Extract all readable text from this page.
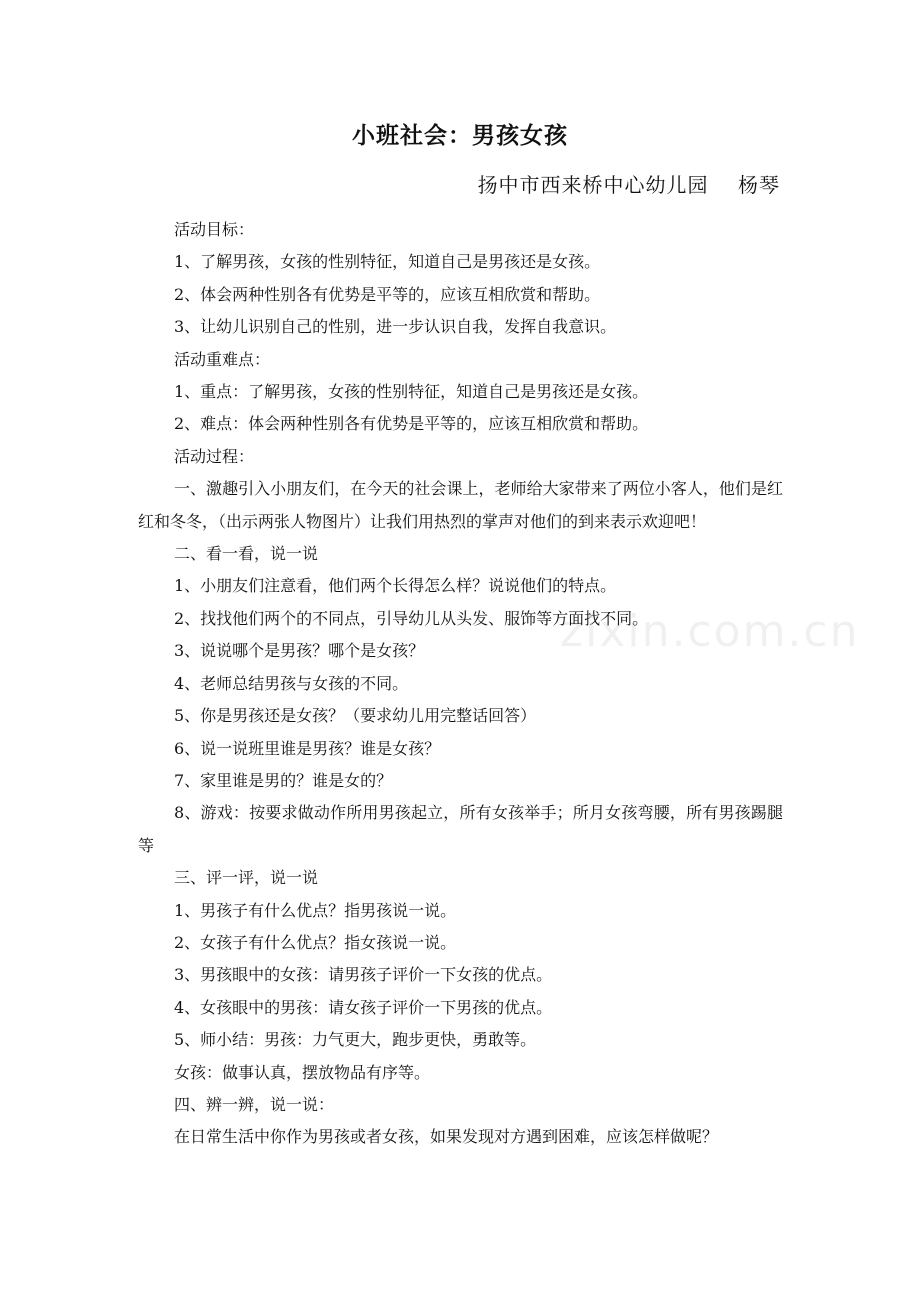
小班社会：男孩女孩
扬中市西来桥中心幼儿园    杨琴
zixin.com.cn

活动目标：

1、了解男孩，女孩的性别特征，知道自己是男孩还是女孩。

2、体会两种性别各有优势是平等的，应该互相欣赏和帮助。

3、让幼儿识别自己的性别，进一步认识自我，发挥自我意识。

活动重难点：

1、重点：了解男孩，女孩的性别特征，知道自己是男孩还是女孩。

2、难点：体会两种性别各有优势是平等的，应该互相欣赏和帮助。

活动过程：

一、激趣引入小朋友们，在今天的社会课上，老师给大家带来了两位小客人，他们是红红和冬冬，（出示两张人物图片）让我们用热烈的掌声对他们的到来表示欢迎吧！

二、看一看，说一说

1、小朋友们注意看，他们两个长得怎么样？说说他们的特点。

2、找找他们两个的不同点，引导幼儿从头发、服饰等方面找不同。

3、说说哪个是男孩？哪个是女孩？

4、老师总结男孩与女孩的不同。

5、你是男孩还是女孩？（要求幼儿用完整话回答）

6、说一说班里谁是男孩？谁是女孩？

7、家里谁是男的？谁是女的？

8、游戏：按要求做动作所用男孩起立，所有女孩举手；所月女孩弯腰，所有男孩踢腿等

三、评一评，说一说

1、男孩子有什么优点？指男孩说一说。

2、女孩子有什么优点？指女孩说一说。

3、男孩眼中的女孩：请男孩子评价一下女孩的优点。

4、女孩眼中的男孩：请女孩子评价一下男孩的优点。

5、师小结：男孩：力气更大，跑步更快，勇敢等。

女孩：做事认真，摆放物品有序等。

四、辨一辨，说一说：

在日常生活中你作为男孩或者女孩，如果发现对方遇到困难，应该怎样做呢？
